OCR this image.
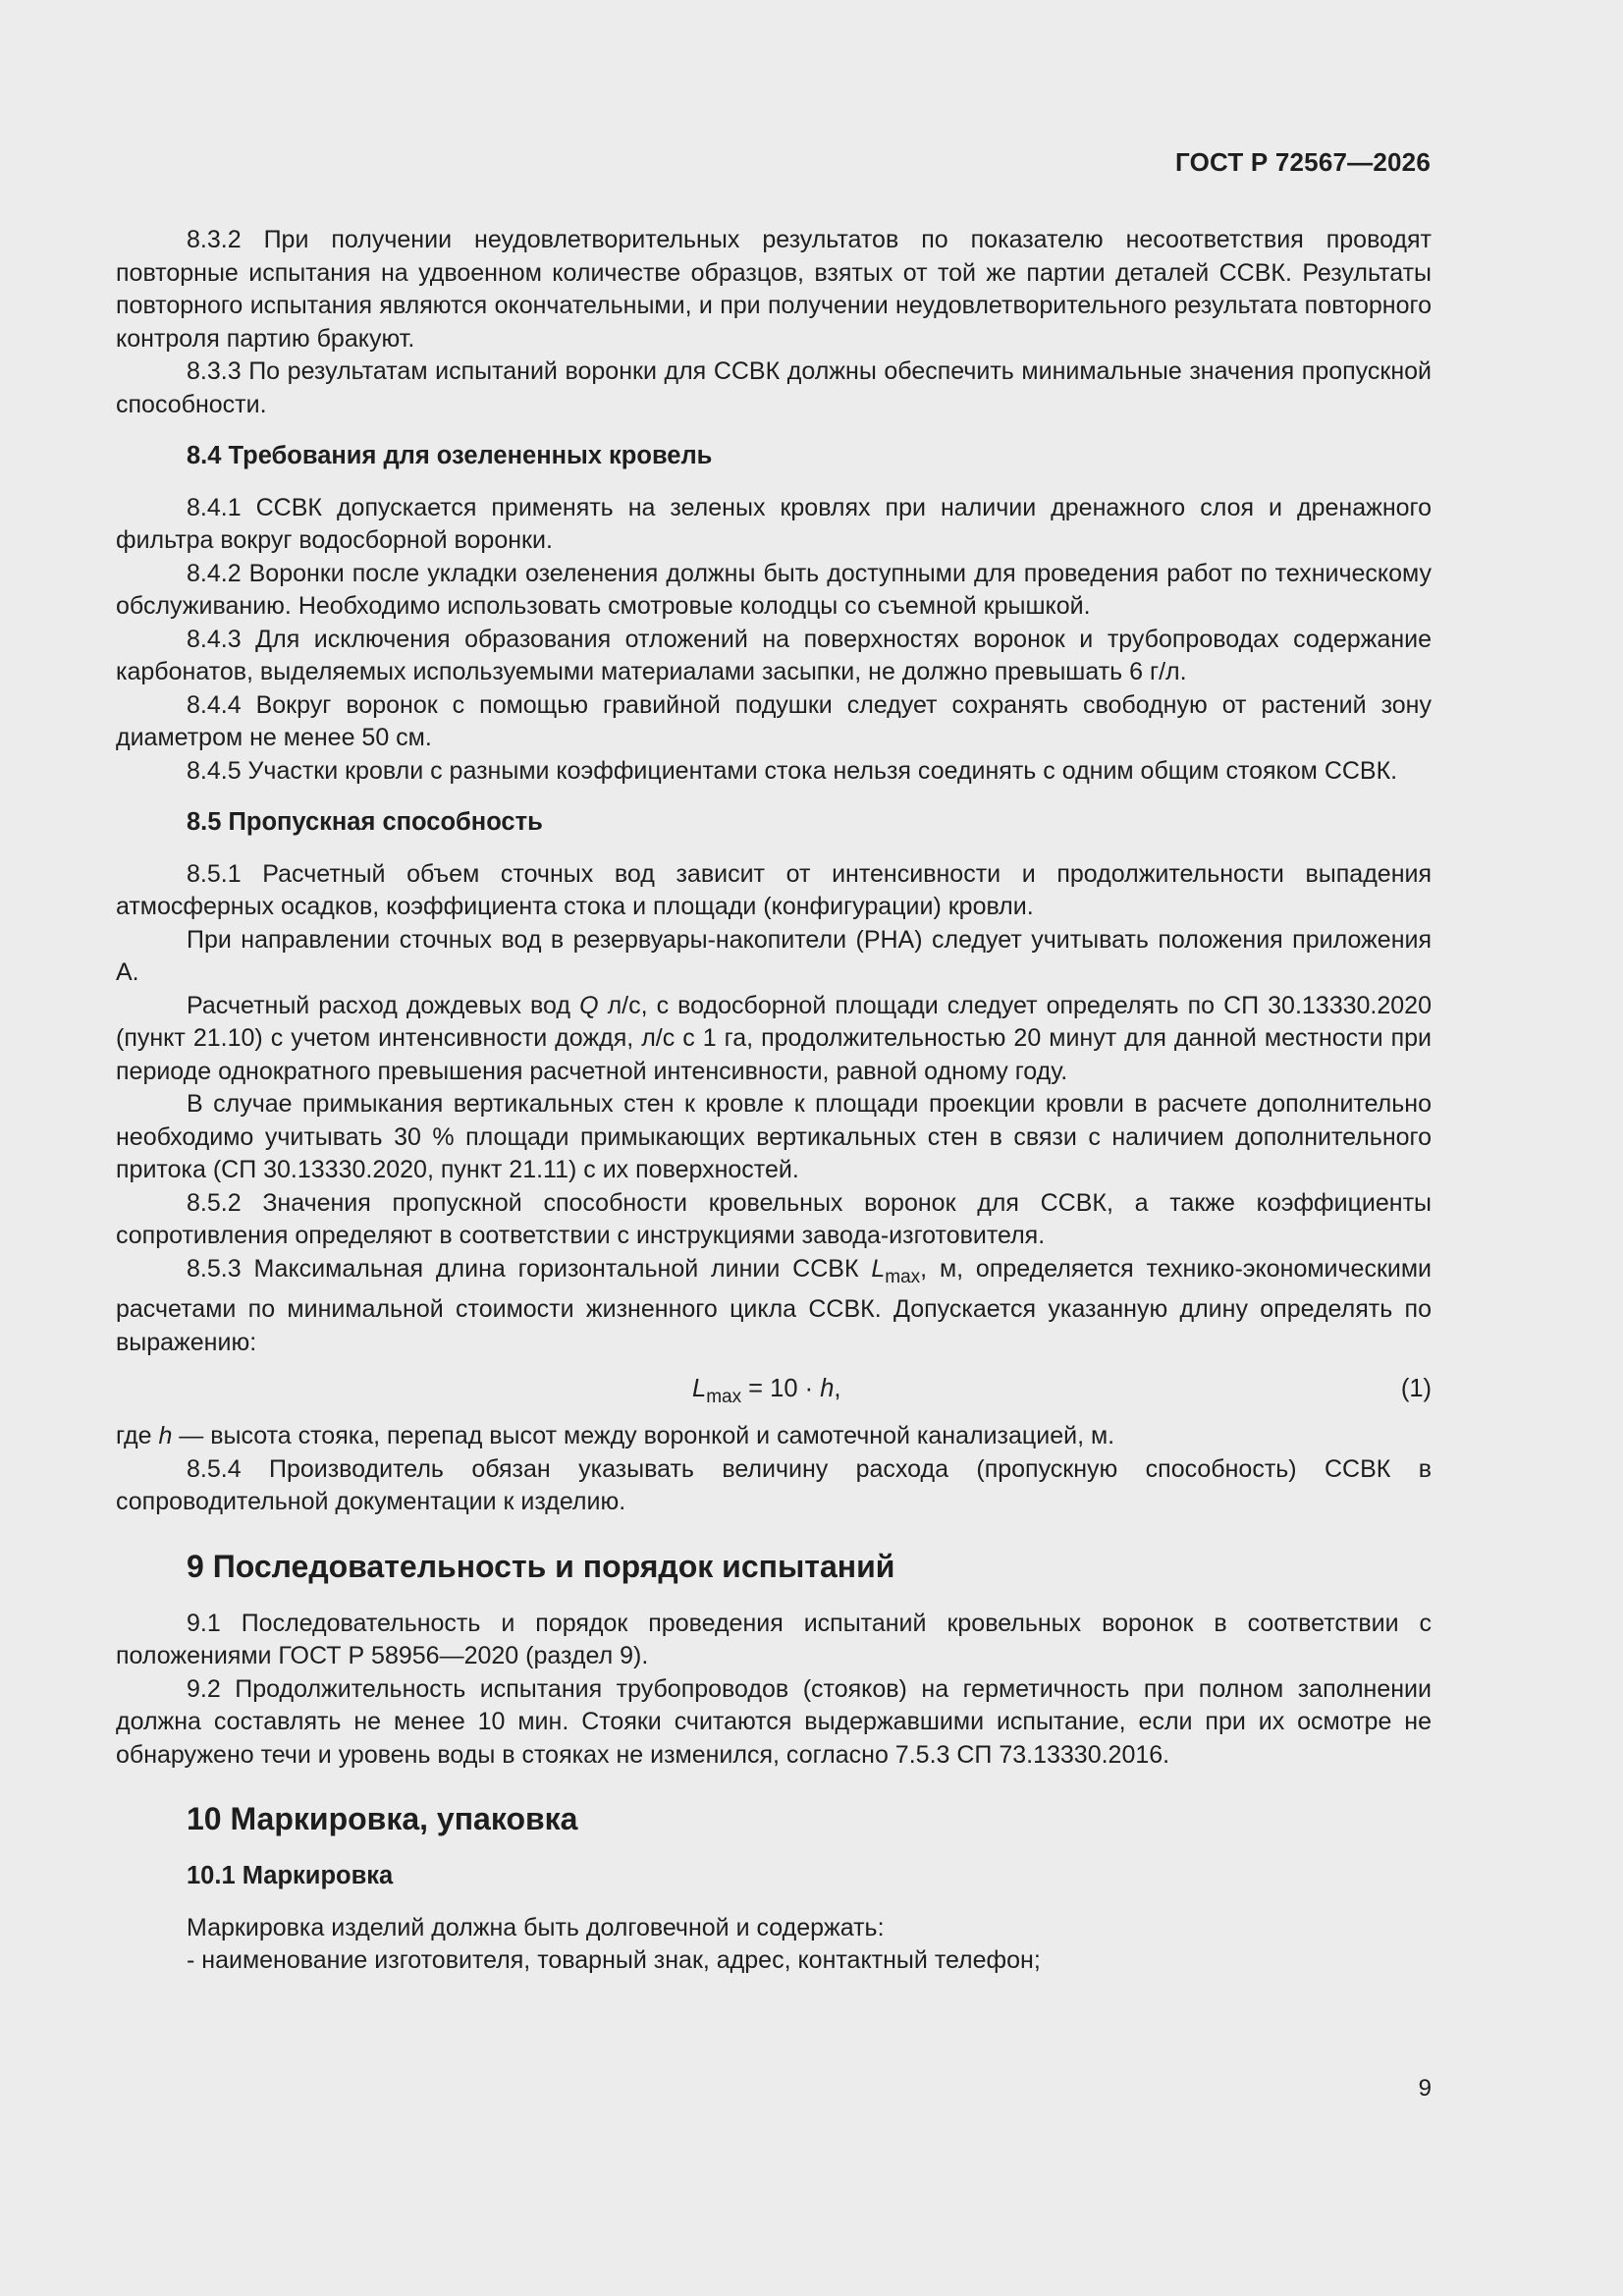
ГОСТ Р 72567—2026

8.3.2 При получении неудовлетворительных результатов по показателю несоответствия проводят повторные испытания на удвоенном количестве образцов, взятых от той же партии деталей ССВК. Результаты повторного испытания являются окончательными, и при получении неудовлетворительного результата повторного контроля партию бракуют.

8.3.3 По результатам испытаний воронки для ССВК должны обеспечить минимальные значения пропускной способности.

8.4 Требования для озелененных кровель

8.4.1 ССВК допускается применять на зеленых кровлях при наличии дренажного слоя и дренажного фильтра вокруг водосборной воронки.

8.4.2 Воронки после укладки озеленения должны быть доступными для проведения работ по техническому обслуживанию. Необходимо использовать смотровые колодцы со съемной крышкой.

8.4.3 Для исключения образования отложений на поверхностях воронок и трубопроводах содержание карбонатов, выделяемых используемыми материалами засыпки, не должно превышать 6 г/л.

8.4.4 Вокруг воронок с помощью гравийной подушки следует сохранять свободную от растений зону диаметром не менее 50 см.

8.4.5 Участки кровли с разными коэффициентами стока нельзя соединять с одним общим стояком ССВК.

8.5 Пропускная способность

8.5.1 Расчетный объем сточных вод зависит от интенсивности и продолжительности выпадения атмосферных осадков, коэффициента стока и площади (конфигурации) кровли.

При направлении сточных вод в резервуары-накопители (РНА) следует учитывать положения приложения А.

Расчетный расход дождевых вод Q л/с, с водосборной площади следует определять по СП 30.13330.2020 (пункт 21.10) с учетом интенсивности дождя, л/с с 1 га, продолжительностью 20 минут для данной местности при периоде однократного превышения расчетной интенсивности, равной одному году.

В случае примыкания вертикальных стен к кровле к площади проекции кровли в расчете дополнительно необходимо учитывать 30 % площади примыкающих вертикальных стен в связи с наличием дополнительного притока (СП 30.13330.2020, пункт 21.11) с их поверхностей.

8.5.2 Значения пропускной способности кровельных воронок для ССВК, а также коэффициенты сопротивления определяют в соответствии с инструкциями завода-изготовителя.

8.5.3 Максимальная длина горизонтальной линии ССВК $L_{max}$, м, определяется технико-экономическими расчетами по минимальной стоимости жизненного цикла ССВК. Допускается указанную длину определять по выражению:

$L_{max} = 10 \cdot h$,	(1)

где h — высота стояка, перепад высот между воронкой и самотечной канализацией, м.

8.5.4 Производитель обязан указывать величину расхода (пропускную способность) ССВК в сопроводительной документации к изделию.

9 Последовательность и порядок испытаний

9.1 Последовательность и порядок проведения испытаний кровельных воронок в соответствии с положениями ГОСТ Р 58956—2020 (раздел 9).

9.2 Продолжительность испытания трубопроводов (стояков) на герметичность при полном заполнении должна составлять не менее 10 мин. Стояки считаются выдержавшими испытание, если при их осмотре не обнаружено течи и уровень воды в стояках не изменился, согласно 7.5.3 СП 73.13330.2016.

10 Маркировка, упаковка
10.1 Маркировка

Маркировка изделий должна быть долговечной и содержать:

- наименование изготовителя, товарный знак, адрес, контактный телефон;

9
